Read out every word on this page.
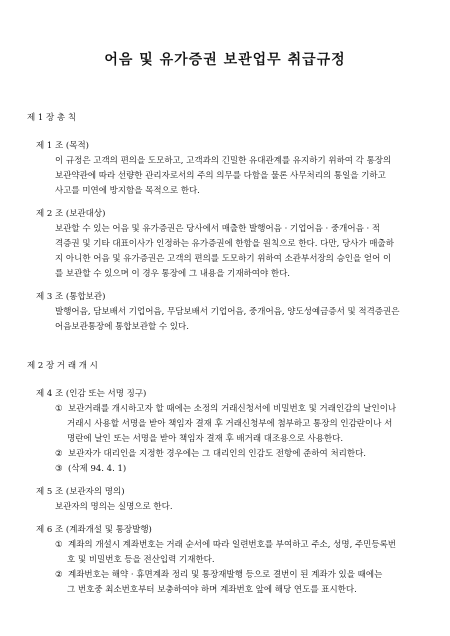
어음 및 유가증권 보관업무 취급규정
제 1 장 총 칙
제 1 조 (목적)
이 규정은 고객의 편의을 도모하고, 고객과의 긴밀한 유대관계를 유지하기 위하여 각 통장의
보관약관에 따라 선량한 관리자로서의 주의 의무를 다함을 물론 사무처리의 통일을 기하고
사고를 미연에 방지함을 목적으로 한다.
제 2 조 (보관대상)
보관할 수 있는 어음 및 유가증권은 당사에서 매출한 발행어음 · 기업어음 · 중개어음 · 적
격증권 및 기타 대표이사가 인정하는 유가증권에 한함을 원칙으로 한다. 다만, 당사가 매출하
지 아니한 어음 및 유가증권은 고객의 편의를 도모하기 위하여 소관부서장의 승인을 얻어 이
를 보관할 수 있으며 이 경우 통장에 그 내용을 기재하여야 한다.
제 3 조 (통합보관)
발행어음, 담보배서 기업어음, 무담보배서 기업어음, 중개어음, 양도성예금증서 및 적격증권은
어음보관통장에 통합보관할 수 있다.
제 2 장 거 래 개 시
제 4 조 (인감 또는 서명 징구)
① 보관거래를 개시하고자 할 때에는 소정의 거래신청서에 비밀번호 및 거래인감의 날인이나
거래시 사용할 서명을 받아 책임자 결재 후 거래신청부에 첨부하고 통장의 인감란이나 서
명란에 날인 또는 서명을 받아 책임자 결재 후 배거래 대조용으로 사용한다.
② 보관자가 대리인을 지정한 경우에는 그 대리인의 인감도 전항에 준하여 처리한다.
③ (삭제 94. 4. 1)
제 5 조 (보관자의 명의)
보관자의 명의는 실명으로 한다.
제 6 조 (계좌개설 및 통장발행)
① 계좌의 개설시 계좌번호는 거래 순서에 따라 일련번호를 부여하고 주소, 성명, 주민등록번
호 및 비밀번호 등을 전산입력 기재한다.
② 계좌번호는 해약 · 휴면계좌 정리 및 통장재발행 등으로 결번이 된 계좌가 있을 때에는
그 번호중 최소번호부터 보충하여야 하며 계좌번호 앞에 해당 연도를 표시한다.
